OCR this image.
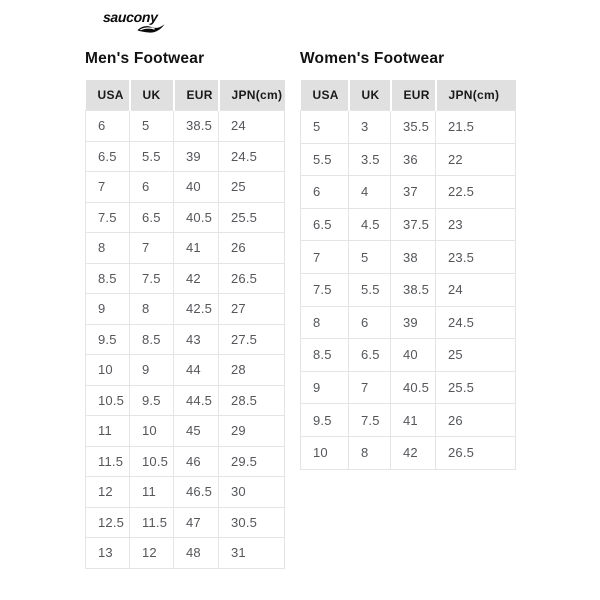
saucony
Men's Footwear
USA	UK	EUR	JPN(cm)
6	5	38.5	24
6.5	5.5	39	24.5
7	6	40	25
7.5	6.5	40.5	25.5
8	7	41	26
8.5	7.5	42	26.5
9	8	42.5	27
9.5	8.5	43	27.5
10	9	44	28
10.5	9.5	44.5	28.5
11	10	45	29
11.5	10.5	46	29.5
12	11	46.5	30
12.5	11.5	47	30.5
13	12	48	31
Women's Footwear
USA	UK	EUR	JPN(cm)
5	3	35.5	21.5
5.5	3.5	36	22
6	4	37	22.5
6.5	4.5	37.5	23
7	5	38	23.5
7.5	5.5	38.5	24
8	6	39	24.5
8.5	6.5	40	25
9	7	40.5	25.5
9.5	7.5	41	26
10	8	42	26.5
